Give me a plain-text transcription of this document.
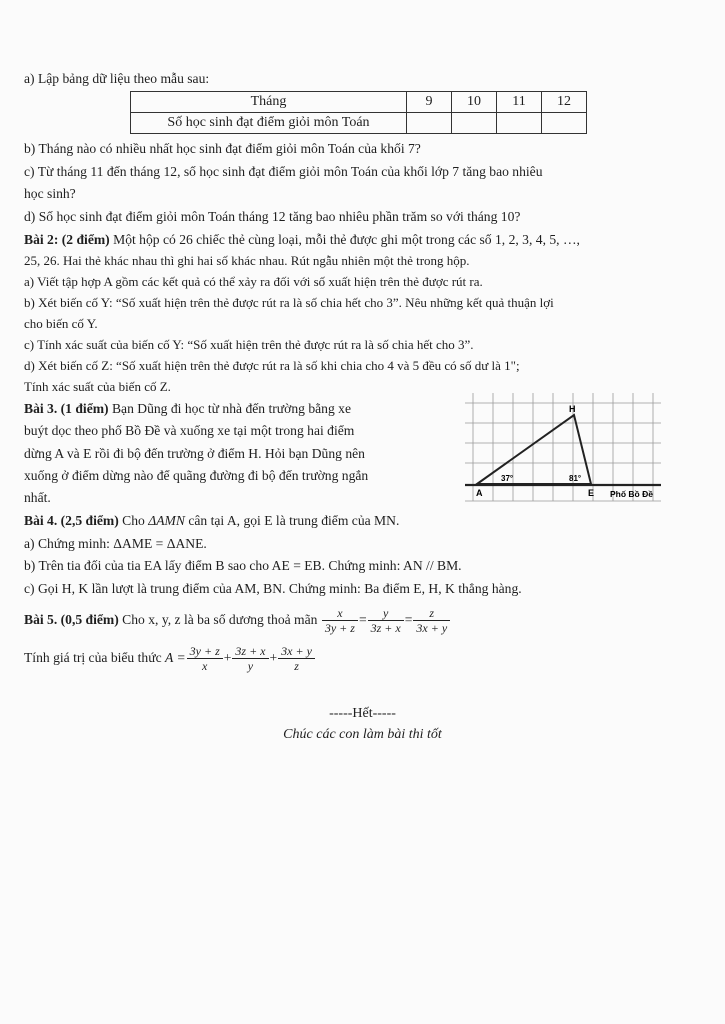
a) Lập bảng dữ liệu theo mẫu sau:
Tháng	9	10	11	12
Số học sinh đạt điểm giỏi môn Toán				
b) Tháng nào có nhiều nhất học sinh đạt điểm giỏi môn Toán của khối 7?
c) Từ tháng 11 đến tháng 12, số học sinh đạt điểm giỏi môn Toán của khối lớp 7 tăng bao nhiêu
học sinh?
d) Số học sinh đạt điểm giỏi môn Toán tháng 12 tăng bao nhiêu phần trăm so với tháng 10?
Bài 2: (2 điểm) Một hộp có 26 chiếc thẻ cùng loại, mỗi thẻ được ghi một trong các số 1, 2, 3, 4, 5, …,
25, 26. Hai thẻ khác nhau thì ghi hai số khác nhau. Rút ngẫu nhiên một thẻ trong hộp.
a) Viết tập hợp A gồm các kết quả có thể xảy ra đối với số xuất hiện trên thẻ được rút ra.
b) Xét biến cố Y: “Số xuất hiện trên thẻ được rút ra là số chia hết cho 3”. Nêu những kết quả thuận lợi
cho biến cố Y.
c) Tính xác suất của biến cố Y: “Số xuất hiện trên thẻ được rút ra là số chia hết cho 3”.
d) Xét biến cố Z: “Số xuất hiện trên thẻ được rút ra là số khi chia cho 4 và 5 đều có số dư là 1";
Tính xác suất của biến cố Z.
Bài 3. (1 điểm) Bạn Dũng đi học từ nhà đến trường bằng xe
buýt dọc theo phố Bồ Đề và xuống xe tại một trong hai điểm
dừng A và E rồi đi bộ đến trường ở điểm H. Hỏi bạn Dũng nên
xuống ở điểm dừng nào để quãng đường đi bộ đến trường ngắn
nhất.
H
A	E
37°	81°
Phố Bồ Đề
Bài 4. (2,5 điểm) Cho ΔAMN cân tại A, gọi E là trung điểm của MN.
a) Chứng minh: ΔAME = ΔANE.
b) Trên tia đối của tia EA lấy điểm B sao cho AE = EB. Chứng minh: AN // BM.
c) Gọi H, K lần lượt là trung điểm của AM, BN. Chứng minh: Ba điểm E, H, K thẳng hàng.
Bài 5. (0,5 điểm) Cho x, y, z là ba số dương thoả mãn $\frac{x}{3y + z} = \frac{y}{3z + x} = \frac{z}{3x + y}$
Tính giá trị của biểu thức $A = \frac{3y + z}{x} + \frac{3z + x}{y} + \frac{3x + y}{z}$
-----Hết-----
Chúc các con làm bài thi tốt
